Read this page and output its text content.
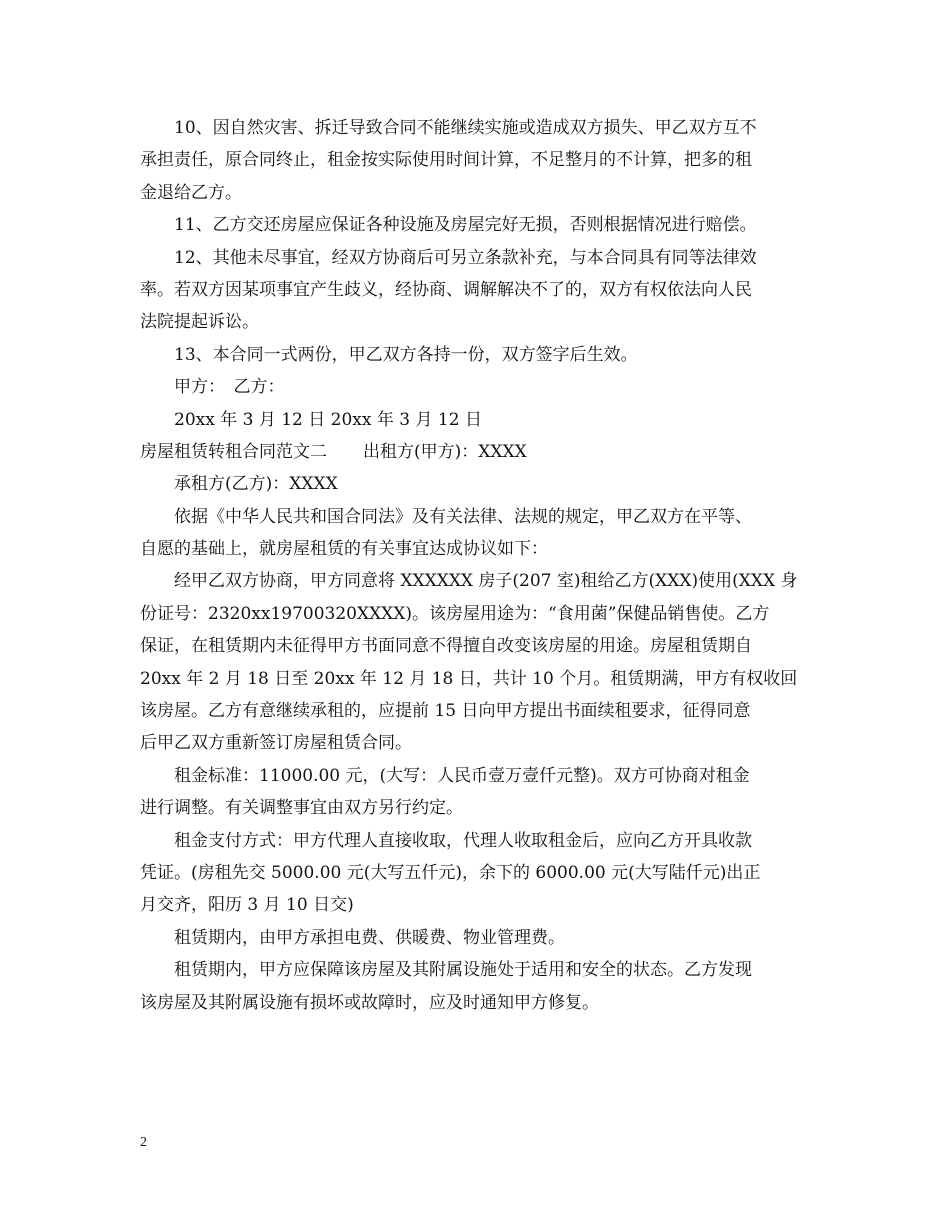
10、因自然灾害、拆迁导致合同不能继续实施或造成双方损失、甲乙双方互不
承担责任，原合同终止，租金按实际使用时间计算，不足整月的不计算，把多的租
金退给乙方。
11、乙方交还房屋应保证各种设施及房屋完好无损，否则根据情况进行赔偿。
12、其他未尽事宜，经双方协商后可另立条款补充，与本合同具有同等法律效
率。若双方因某项事宜产生歧义，经协商、调解解决不了的，双方有权依法向人民
法院提起诉讼。
13、本合同一式两份，甲乙双方各持一份，双方签字后生效。
甲方：　乙方：
20xx 年 3 月 12 日 20xx 年 3 月 12 日
房屋租赁转租合同范文二 出租方(甲方)：XXXX
承租方(乙方)：XXXX
依据《中华人民共和国合同法》及有关法律、法规的规定，甲乙双方在平等、
自愿的基础上，就房屋租赁的有关事宜达成协议如下：
经甲乙双方协商，甲方同意将 XXXXXX 房子(207 室)租给乙方(XXX)使用(XXX 身
份证号：2320xx19700320XXXX)。该房屋用途为：“食用菌”保健品销售使。乙方
保证，在租赁期内未征得甲方书面同意不得擅自改变该房屋的用途。房屋租赁期自
20xx 年 2 月 18 日至 20xx 年 12 月 18 日，共计 10 个月。租赁期满，甲方有权收回
该房屋。乙方有意继续承租的，应提前 15 日向甲方提出书面续租要求，征得同意
后甲乙双方重新签订房屋租赁合同。
租金标准：11000.00 元，(大写：人民币壹万壹仟元整)。双方可协商对租金
进行调整。有关调整事宜由双方另行约定。
租金支付方式：甲方代理人直接收取，代理人收取租金后，应向乙方开具收款
凭证。(房租先交 5000.00 元(大写五仟元)，余下的 6000.00 元(大写陆仟元)出正
月交齐，阳历 3 月 10 日交)
租赁期内，由甲方承担电费、供暖费、物业管理费。
租赁期内，甲方应保障该房屋及其附属设施处于适用和安全的状态。乙方发现
该房屋及其附属设施有损坏或故障时，应及时通知甲方修复。
2
